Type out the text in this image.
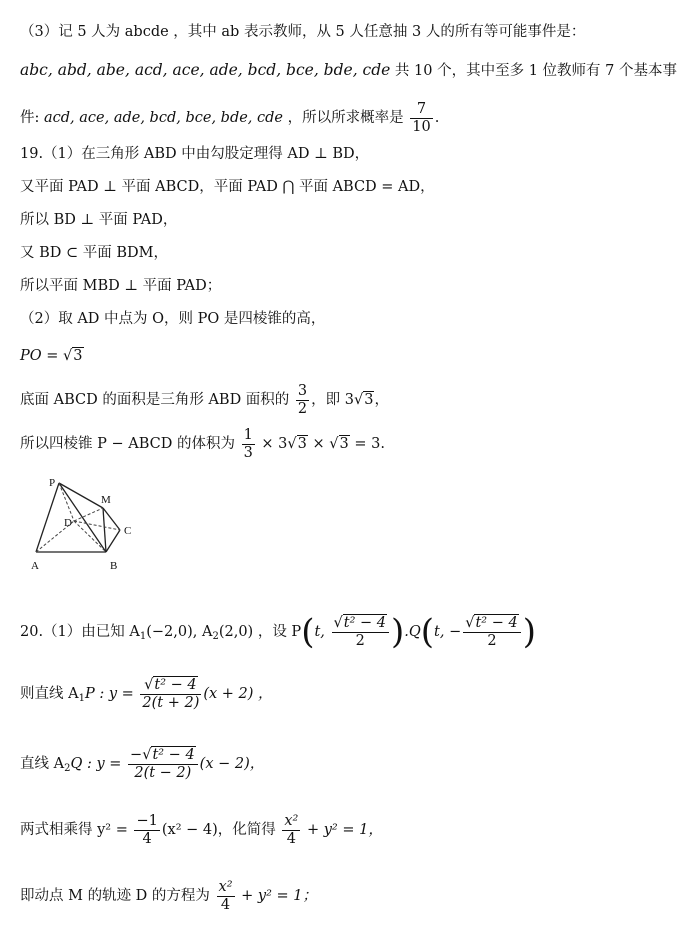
（3）记 5 人为 abcde ，其中 ab 表示教师，从 5 人任意抽 3 人的所有等可能事件是：
abc, abd, abe, acd, ace, ade, bcd, bce, bde, cde 共 10 个，其中至多 1 位教师有 7 个基本事
件: acd, ace, ade, bcd, bce, bde, cde ，所以所求概率是 $\frac{7}{10}$ .
19.（1）在三角形 ABD 中由勾股定理得 AD ⊥ BD，
又平面 PAD ⊥ 平面 ABCD，平面 PAD ⋂ 平面 ABCD = AD，
所以 BD ⊥ 平面 PAD，
又 BD ⊂ 平面 BDM，
所以平面 MBD ⊥ 平面 PAD；
（2）取 AD 中点为 O，则 PO 是四棱锥的高，
PO = √3
底面 ABCD 的面积是三角形 ABD 面积的 $\frac{3}{2}$ ，即 3√3，
所以四棱锥 P − ABCD 的体积为 $\frac{1}{3} \times 3√3 \times √3 = 3$.
P
M
D
C
A	B
20.（1）由已知 $A_1(-2,0)$, $A_2(2,0)$ ，设 P(t, $\frac{\text{√t² − 4}}{2} ).Q(t$, − $\frac{\text{√t² − 4}}{2}$ )
则直线 $A_1P$ : $y = \frac{\text{√t² − 4}}{2(t + 2)} (x + 2)$ ，
直线 $A_2Q$ : $y = \frac{\text{−√t² − 4}}{2(t - 2)} (x - 2)$，
两式相乘得 $y^2 = \frac{-1}{4} (x^2 - 4)$，化简得 $\frac{\text{x²}}{4} + y^2 = 1$，
即动点 M 的轨迹 D 的方程为 $\frac{\text{x²}}{4} + y^2 = 1$；
